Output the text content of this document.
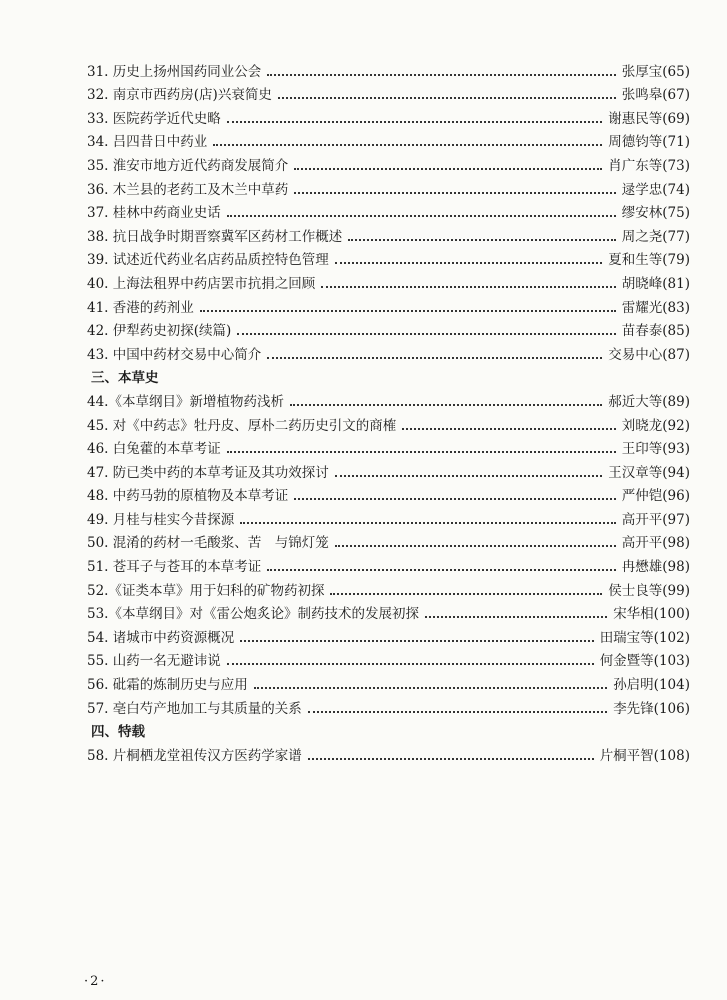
31. 历史上扬州国药同业公会	张厚宝(65)
32. 南京市西药房(店)兴衰简史	张鸣皋(67)
33. 医院药学近代史略	谢惠民等(69)
34. 吕四昔日中药业	周德钧等(71)
35. 淮安市地方近代药商发展简介	肖广东等(73)
36. 木兰县的老药工及木兰中草药	逯学忠(74)
37. 桂林中药商业史话	缪安林(75)
38. 抗日战争时期晋察冀军区药材工作概述	周之尧(77)
39. 试述近代药业名店药品质控特色管理	夏和生等(79)
40. 上海法租界中药店罢市抗捐之回顾	胡晓峰(81)
41. 香港的药剂业	雷耀光(83)
42. 伊犁药史初探(续篇)	苗春泰(85)
43. 中国中药材交易中心简介	交易中心(87)
三、本草史
44.《本草纲目》新增植物药浅析	郝近大等(89)
45. 对《中药志》牡丹皮、厚朴二药历史引文的商榷	刘晓龙(92)
46. 白兔藿的本草考证	王印等(93)
47. 防已类中药的本草考证及其功效探讨	王汉章等(94)
48. 中药马勃的原植物及本草考证	严仲铠(96)
49. 月桂与桂实今昔探源	高开平(97)
50. 混淆的药材一毛酸浆、苦　与锦灯笼	高开平(98)
51. 苍耳子与苍耳的本草考证	冉懋雄(98)
52.《证类本草》用于妇科的矿物药初探	侯士良等(99)
53.《本草纲目》对《雷公炮炙论》制药技术的发展初探	宋华相(100)
54. 诸城市中药资源概况	田瑞宝等(102)
55. 山药一名无避讳说	何金暨等(103)
56. 砒霜的炼制历史与应用	孙启明(104)
57. 亳白芍产地加工与其质量的关系	李先锋(106)
四、特载
58. 片桐栖龙堂祖传汉方医药学家谱	片桐平智(108)
·2·
